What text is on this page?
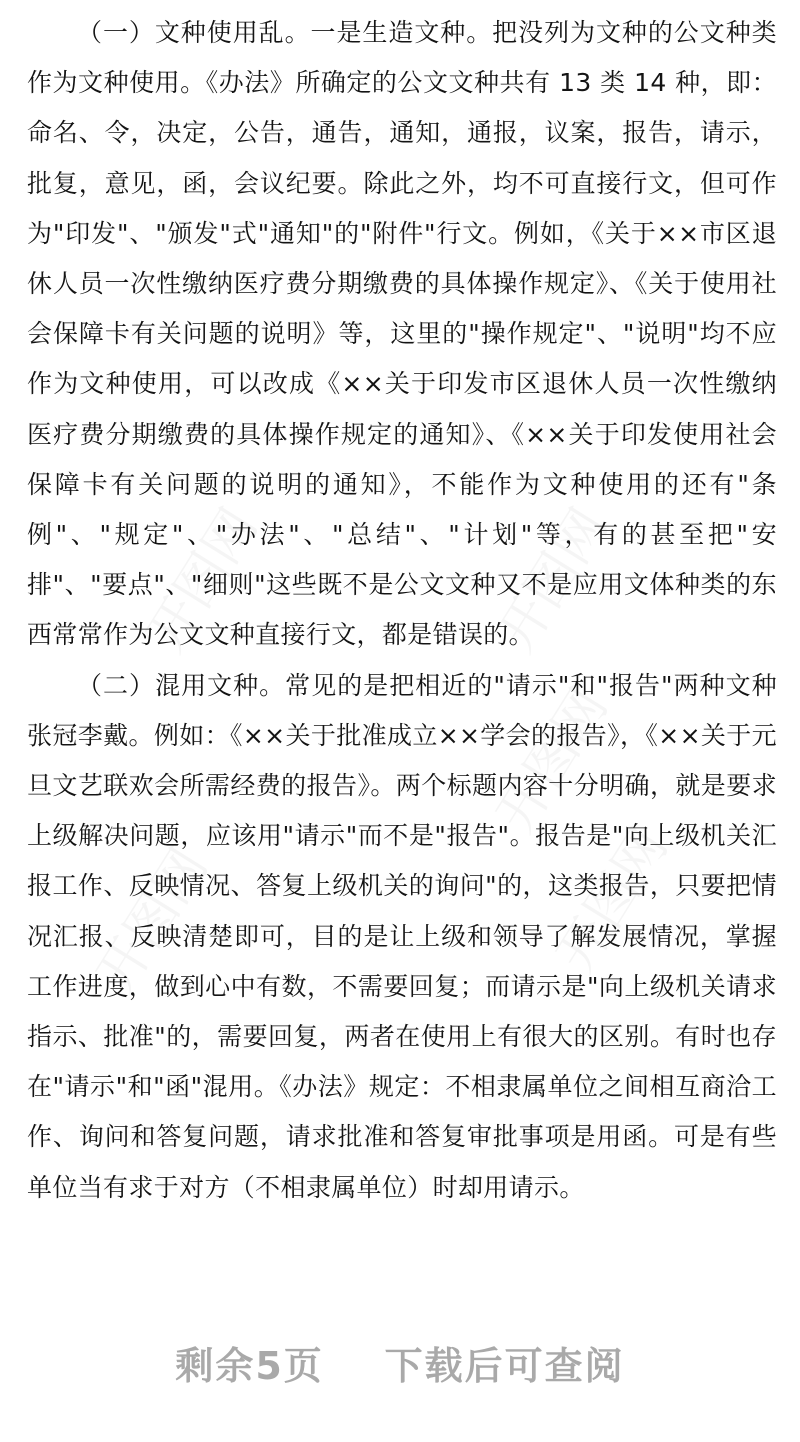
开图网	开图网
开图网
开图网
开图网

（一）文种使用乱。一是生造文种。把没列为文种的公文种类作为文种使用。《办法》所确定的公文文种共有 13 类 14 种，即：命名、令，决定，公告，通告，通知，通报，议案，报告，请示，批复，意见，函，会议纪要。除此之外，均不可直接行文，但可作为"印发"、"颁发"式"通知"的"附件"行文。例如，《关于××市区退休人员一次性缴纳医疗费分期缴费的具体操作规定》、《关于使用社会保障卡有关问题的说明》等，这里的"操作规定"、"说明"均不应作为文种使用，可以改成《××关于印发市区退休人员一次性缴纳医疗费分期缴费的具体操作规定的通知》、《××关于印发使用社会保障卡有关问题的说明的通知》，不能作为文种使用的还有"条例"、"规定"、"办法"、"总结"、"计划"等，有的甚至把"安排"、"要点"、"细则"这些既不是公文文种又不是应用文体种类的东西常常作为公文文种直接行文，都是错误的。

（二）混用文种。常见的是把相近的"请示"和"报告"两种文种张冠李戴。例如：《××关于批准成立××学会的报告》，《××关于元旦文艺联欢会所需经费的报告》。两个标题内容十分明确，就是要求上级解决问题，应该用"请示"而不是"报告"。报告是"向上级机关汇报工作、反映情况、答复上级机关的询问"的，这类报告，只要把情况汇报、反映清楚即可，目的是让上级和领导了解发展情况，掌握工作进度，做到心中有数，不需要回复；而请示是"向上级机关请求指示、批准"的，需要回复，两者在使用上有很大的区别。有时也存在"请示"和"函"混用。《办法》规定：不相隶属单位之间相互商洽工作、询问和答复问题，请求批准和答复审批事项是用函。可是有些单位当有求于对方（不相隶属单位）时却用请示。

剩余5页    下载后可查阅
